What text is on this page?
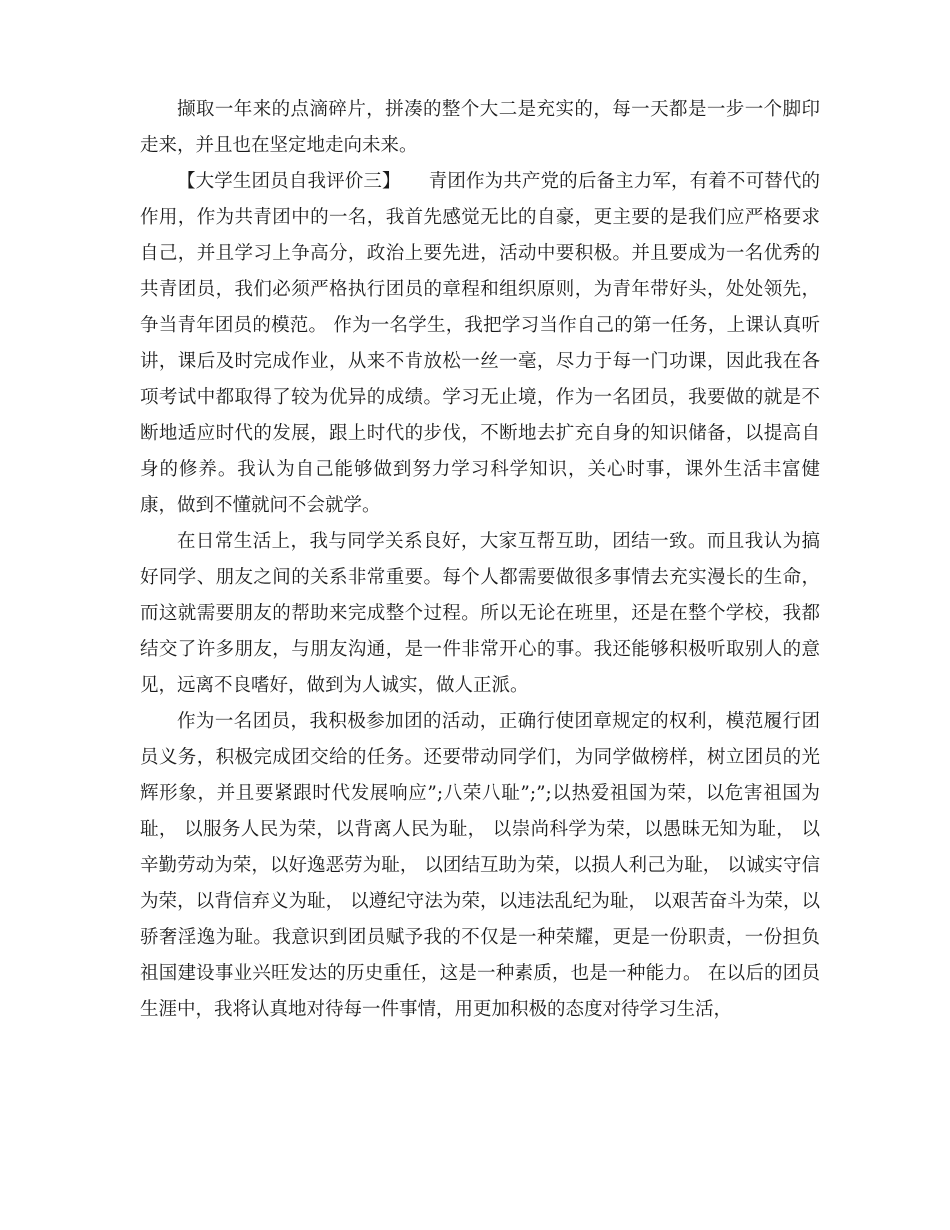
撷取一年来的点滴碎片，拼凑的整个大二是充实的，每一天都是一步一个脚印走来，并且也在坚定地走向未来。

【大学生团员自我评价三】　　青团作为共产党的后备主力军，有着不可替代的作用，作为共青团中的一名，我首先感觉无比的自豪，更主要的是我们应严格要求自己，并且学习上争高分，政治上要先进，活动中要积极。并且要成为一名优秀的共青团员，我们必须严格执行团员的章程和组织原则，为青年带好头，处处领先，争当青年团员的模范。 作为一名学生，我把学习当作自己的第一任务，上课认真听讲，课后及时完成作业，从来不肯放松一丝一毫，尽力于每一门功课，因此我在各项考试中都取得了较为优异的成绩。学习无止境，作为一名团员，我要做的就是不断地适应时代的发展，跟上时代的步伐，不断地去扩充自身的知识储备，以提高自身的修养。我认为自己能够做到努力学习科学知识，关心时事，课外生活丰富健康，做到不懂就问不会就学。

在日常生活上，我与同学关系良好，大家互帮互助，团结一致。而且我认为搞好同学、朋友之间的关系非常重要。每个人都需要做很多事情去充实漫长的生命，而这就需要朋友的帮助来完成整个过程。所以无论在班里，还是在整个学校，我都结交了许多朋友，与朋友沟通，是一件非常开心的事。我还能够积极听取别人的意见，远离不良嗜好，做到为人诚实，做人正派。

作为一名团员，我积极参加团的活动，正确行使团章规定的权利，模范履行团员义务，积极完成团交给的任务。还要带动同学们，为同学做榜样，树立团员的光辉形象，并且要紧跟时代发展响应”;八荣八耻”;”;以热爱祖国为荣，以危害祖国为耻， 以服务人民为荣，以背离人民为耻， 以崇尚科学为荣，以愚昧无知为耻， 以辛勤劳动为荣，以好逸恶劳为耻， 以团结互助为荣，以损人利己为耻， 以诚实守信为荣，以背信弃义为耻， 以遵纪守法为荣，以违法乱纪为耻， 以艰苦奋斗为荣，以骄奢淫逸为耻。我意识到团员赋予我的不仅是一种荣耀，更是一份职责，一份担负祖国建设事业兴旺发达的历史重任，这是一种素质，也是一种能力。 在以后的团员生涯中，我将认真地对待每一件事情，用更加积极的态度对待学习生活，
